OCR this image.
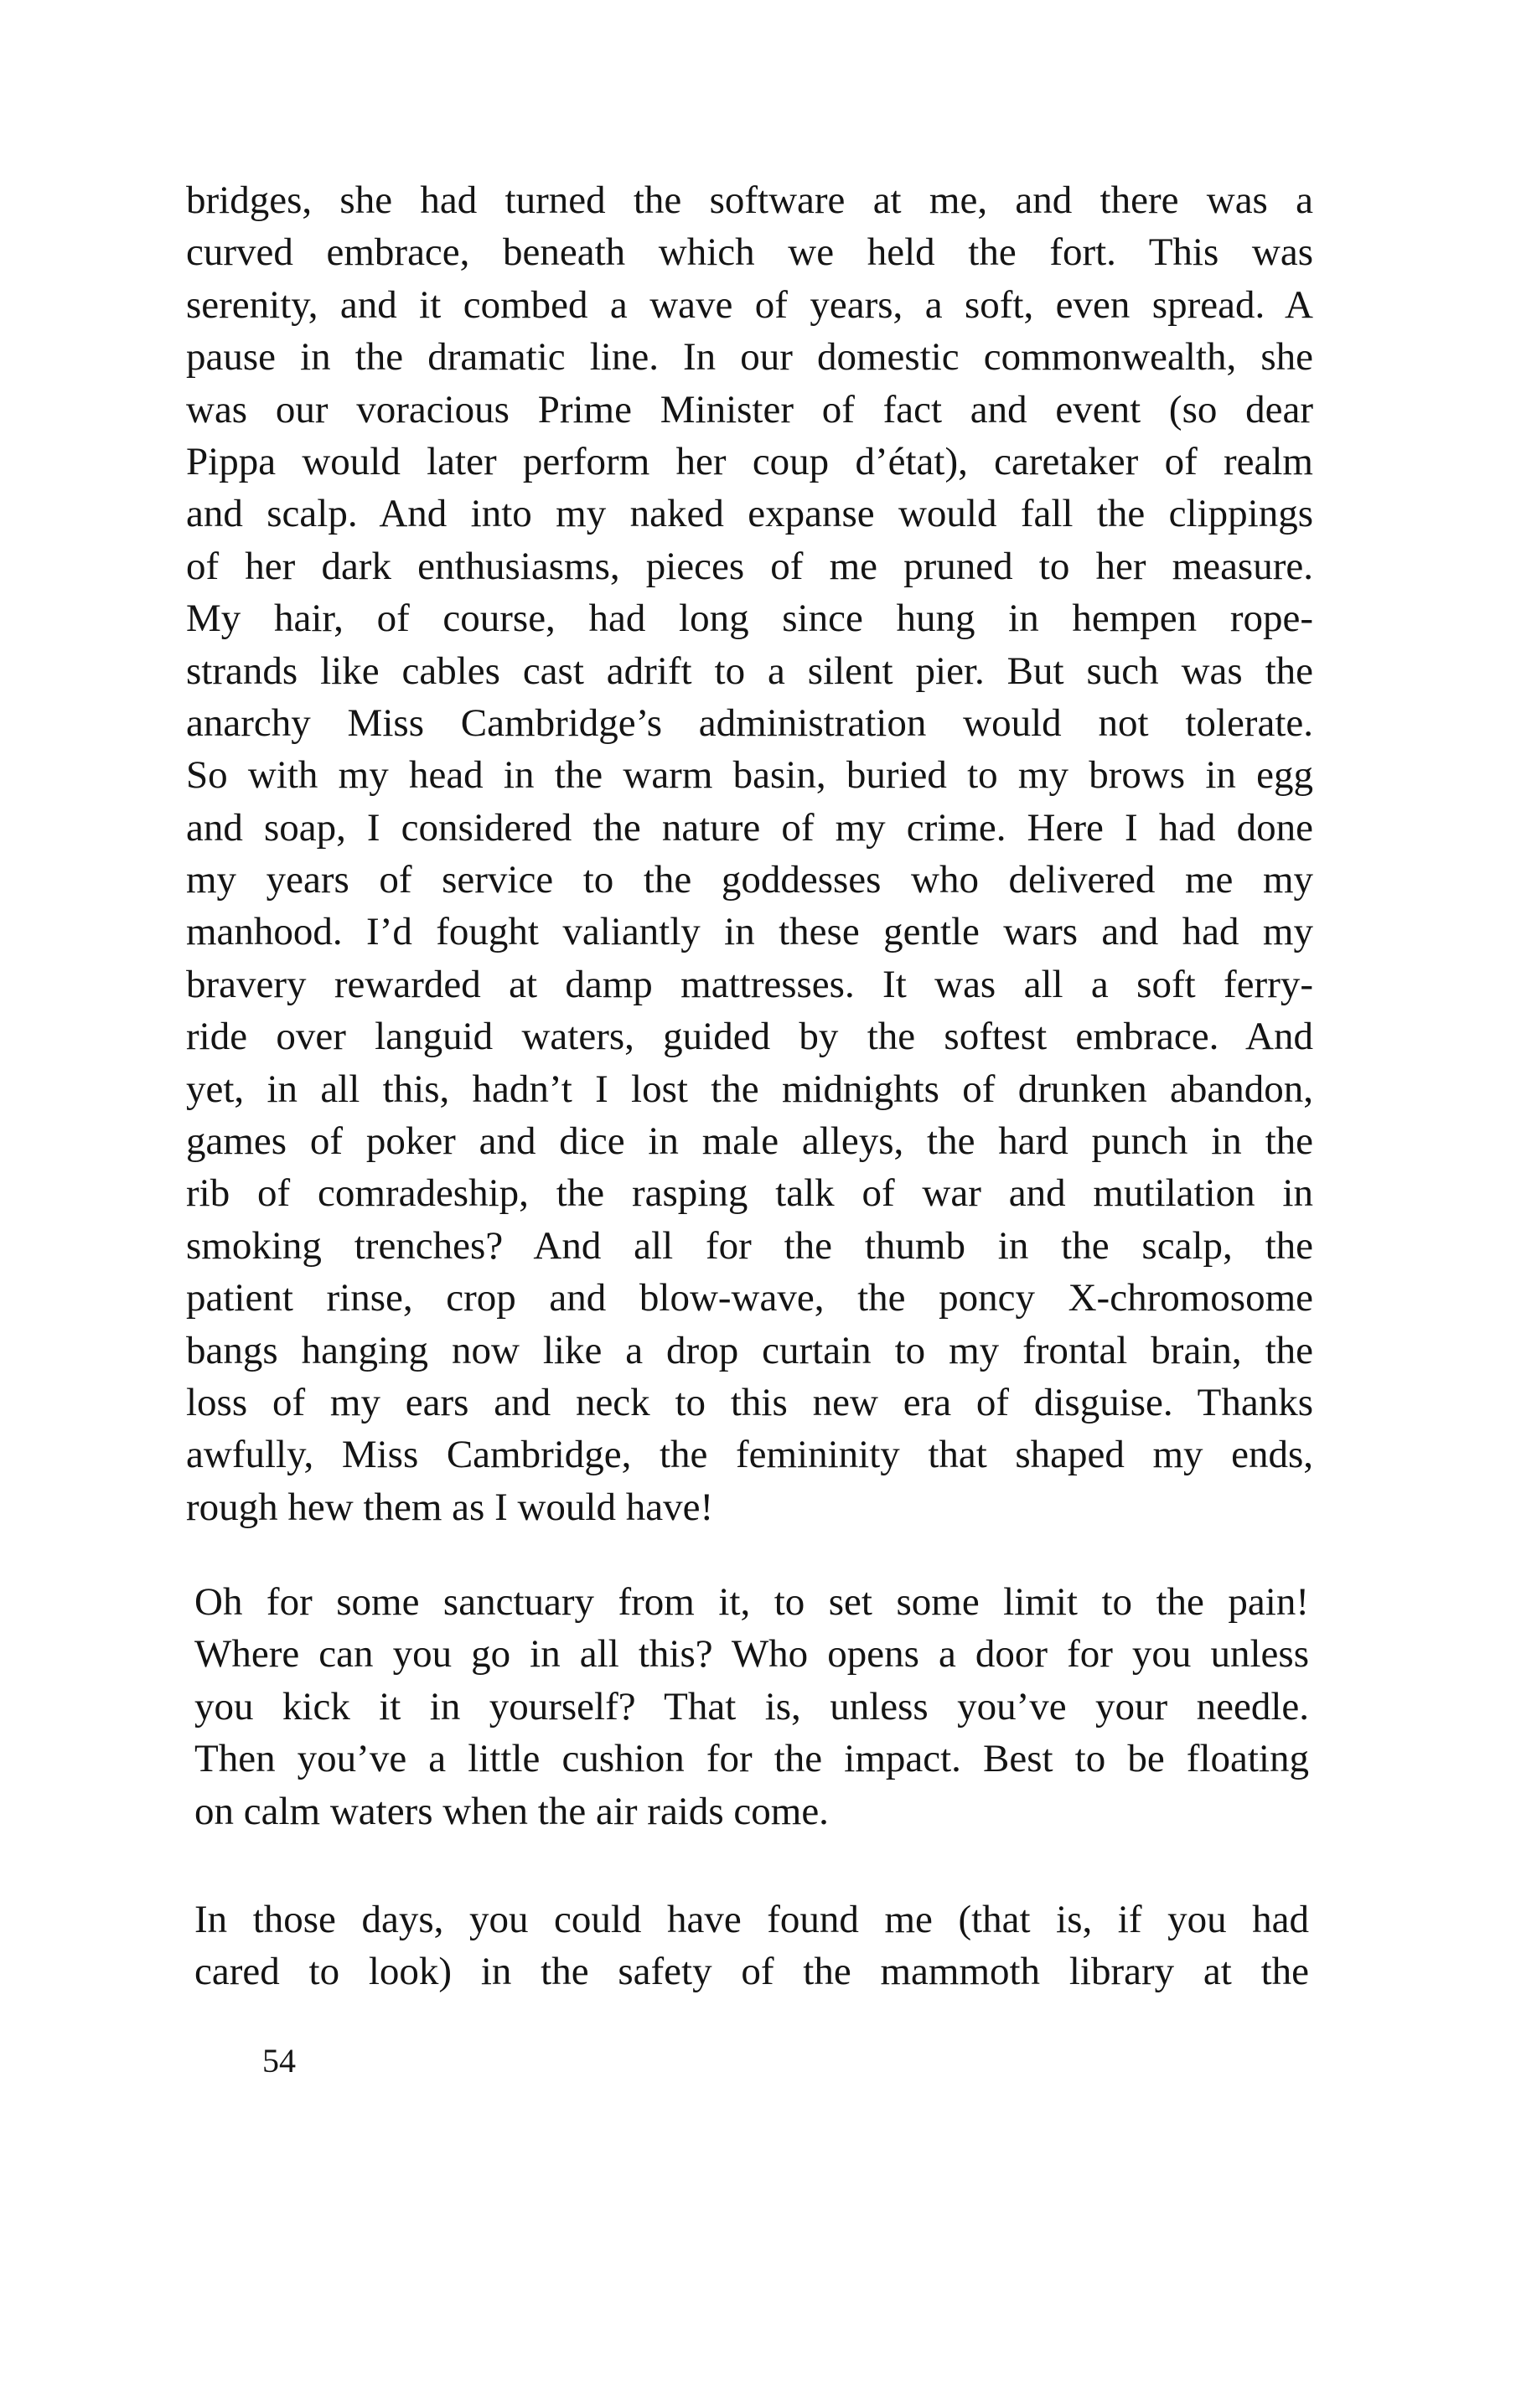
bridges, she had turned the software at me, and there was a
curved embrace, beneath which we held the fort. This was
serenity, and it combed a wave of years, a soft, even spread. A
pause in the dramatic line. In our domestic commonwealth, she
was our voracious Prime Minister of fact and event (so dear
Pippa would later perform her coup d’état), caretaker of realm
and scalp. And into my naked expanse would fall the clippings
of her dark enthusiasms, pieces of me pruned to her measure.
My hair, of course, had long since hung in hempen rope-
strands like cables cast adrift to a silent pier. But such was the
anarchy Miss Cambridge’s administration would not tolerate.
So with my head in the warm basin, buried to my brows in egg
and soap, I considered the nature of my crime. Here I had done
my years of service to the goddesses who delivered me my
manhood. I’d fought valiantly in these gentle wars and had my
bravery rewarded at damp mattresses. It was all a soft ferry-
ride over languid waters, guided by the softest embrace. And
yet, in all this, hadn’t I lost the midnights of drunken abandon,
games of poker and dice in male alleys, the hard punch in the
rib of comradeship, the rasping talk of war and mutilation in
smoking trenches? And all for the thumb in the scalp, the
patient rinse, crop and blow-wave, the poncy X-chromosome
bangs hanging now like a drop curtain to my frontal brain, the
loss of my ears and neck to this new era of disguise. Thanks
awfully, Miss Cambridge, the femininity that shaped my ends,
rough hew them as I would have!
Oh for some sanctuary from it, to set some limit to the pain!
Where can you go in all this? Who opens a door for you unless
you kick it in yourself? That is, unless you’ve your needle.
Then you’ve a little cushion for the impact. Best to be floating
on calm waters when the air raids come.
In those days, you could have found me (that is, if you had
cared to look) in the safety of the mammoth library at the
54
